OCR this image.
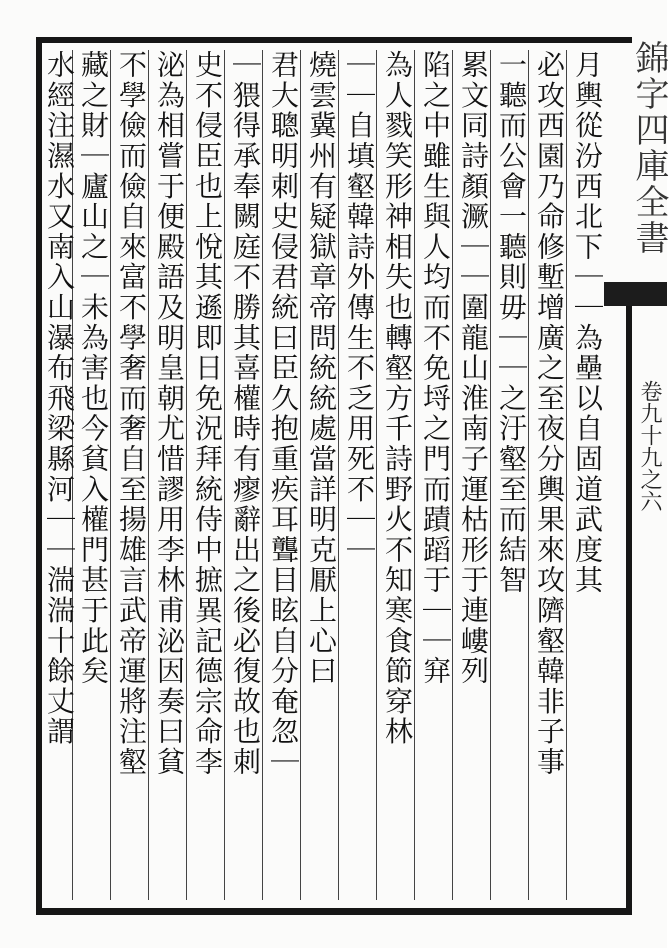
錦字四庫全書
卷九十九之六
月輿從汾西北下｜｜為壘以自固道武度其
必攻西園乃命修塹增廣之至夜分輿果來攻隮壑韓非子事
一聽而公會一聽則毋｜｜之汙壑至而結智
累文同詩顏㵐｜｜圍龍山淮南子運枯形于連嶁列
陷之中雖生與人均而不免埒之門而蹟蹈于｜｜穽
為人戮笑形神相失也轉壑方千詩野火不知寒食節穿林
｜｜自填壑韓詩外傳生不乏用死不｜｜
燒雲冀州有疑獄章帝問統統處當詳明克厭上心曰
君大聰明刺史侵君統曰臣久抱重疾耳聾目眩自分奄忽｜
｜猥得承奉闕庭不勝其喜權時有瘳辭出之後必復故也刺
史不侵臣也上悅其遜即日免況拜統侍中摭異記德宗命李
泌為相嘗于便殿語及明皇朝尤惜謬用李林甫泌因奏曰貧
不學儉而儉自來富不學奢而奢自至揚雄言武帝運將注壑
藏之財｜廬山之｜未為害也今貧入權門甚于此矣
水經注濕水又南入山瀑布飛梁縣河｜｜湍湍十餘丈謂
